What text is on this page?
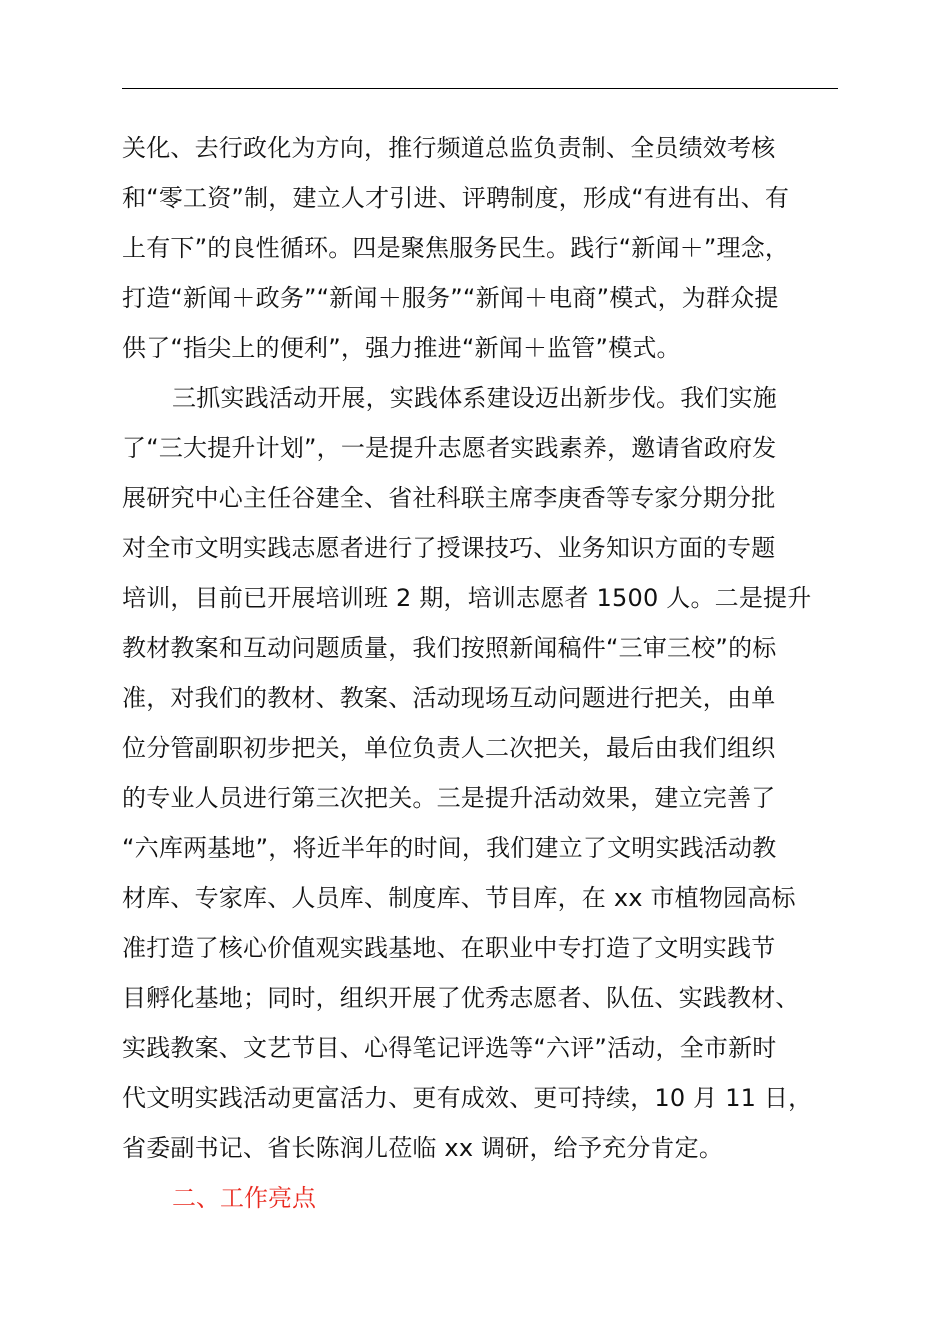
关化、去行政化为方向，推行频道总监负责制、全员绩效考核
和“零工资”制，建立人才引进、评聘制度，形成“有进有出、有
上有下”的良性循环。四是聚焦服务民生。践行“新闻＋”理念，
打造“新闻＋政务”“新闻＋服务”“新闻＋电商”模式，为群众提
供了“指尖上的便利”，强力推进“新闻＋监管”模式。
三抓实践活动开展，实践体系建设迈出新步伐。我们实施
了“三大提升计划”，一是提升志愿者实践素养，邀请省政府发
展研究中心主任谷建全、省社科联主席李庚香等专家分期分批
对全市文明实践志愿者进行了授课技巧、业务知识方面的专题
培训，目前已开展培训班 2 期，培训志愿者 1500 人。二是提升
教材教案和互动问题质量，我们按照新闻稿件“三审三校”的标
准，对我们的教材、教案、活动现场互动问题进行把关，由单
位分管副职初步把关，单位负责人二次把关，最后由我们组织
的专业人员进行第三次把关。三是提升活动效果，建立完善了
“六库两基地”，将近半年的时间，我们建立了文明实践活动教
材库、专家库、人员库、制度库、节目库，在 xx 市植物园高标
准打造了核心价值观实践基地、在职业中专打造了文明实践节
目孵化基地；同时，组织开展了优秀志愿者、队伍、实践教材、
实践教案、文艺节目、心得笔记评选等“六评”活动，全市新时
代文明实践活动更富活力、更有成效、更可持续，10 月 11 日，
省委副书记、省长陈润儿莅临 xx 调研，给予充分肯定。
二、工作亮点
